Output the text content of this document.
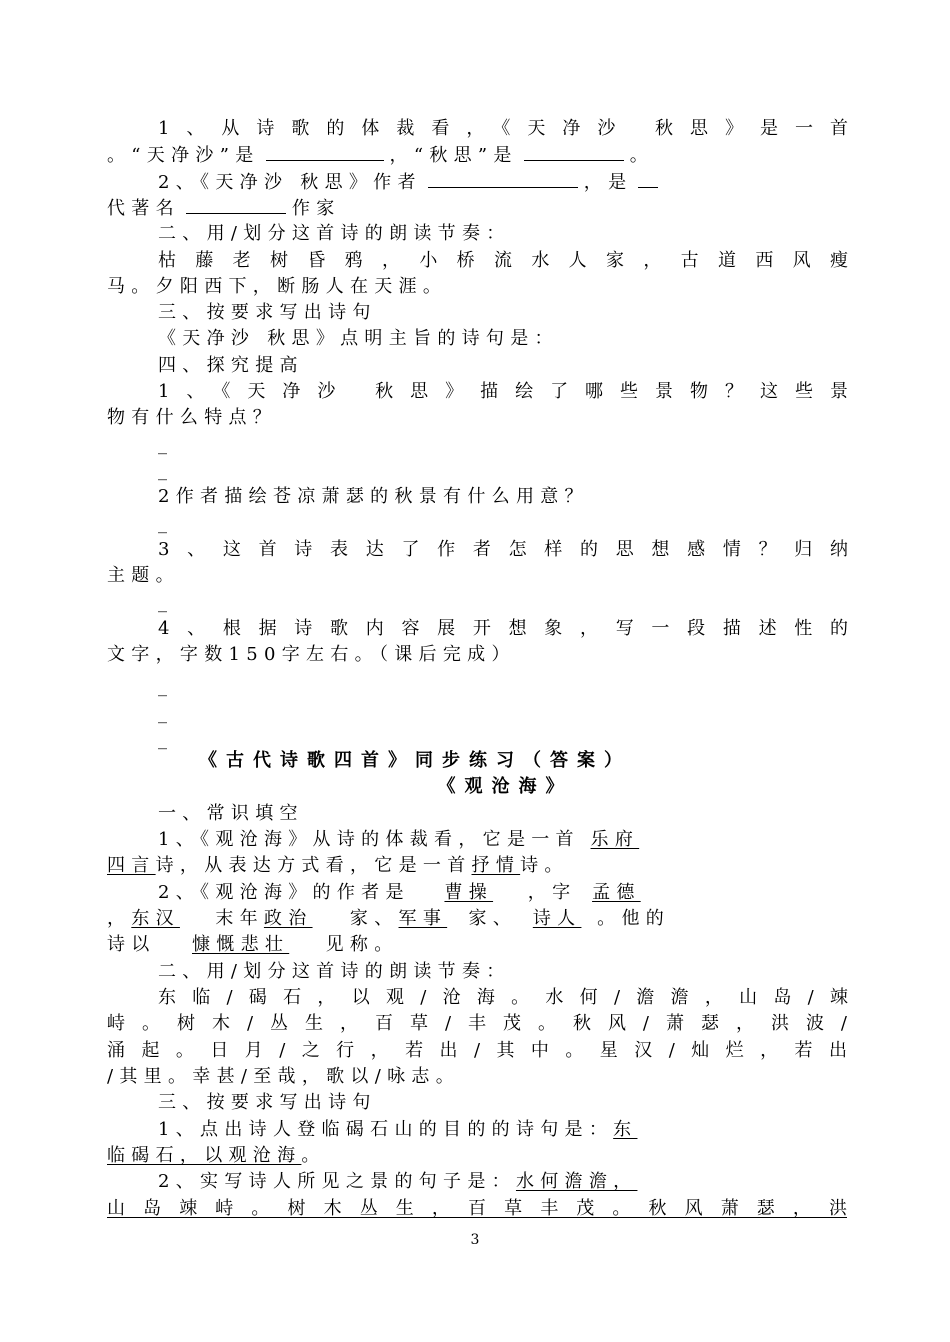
1、从诗歌的体裁看，《天净沙 秋思》是一首
。“天净沙”是	，“秋思”是	。
2、《天净沙 秋思》作者	，是
代著名	作家
二、用/划分这首诗的朗读节奏：
枯藤老树昏鸦，小桥流水人家，古道西风瘦
马。夕阳西下，断肠人在天涯。
三、按要求写出诗句
《天净沙 秋思》点明主旨的诗句是：
四、探究提高
1、《天净沙 秋思》描绘了哪些景物？这些景
物有什么特点？
_
_
2作者描绘苍凉萧瑟的秋景有什么用意？
_
3、这首诗表达了作者怎样的思想感情？归纳
主题。
_
4、根据诗歌内容展开想象，写一段描述性的
文字，字数150字左右。（课后完成）
_
_
_
《古代诗歌四首》同步练习（答案）
《观沧海》
一、常识填空
1、《观沧海》从诗的体裁看，它是一首 乐府
四言诗，从表达方式看，它是一首抒情诗。
2、《观沧海》的作者是 曹操 ，字 孟德
，东汉 末年政治 家、军事 家、 诗人 。他的
诗以 慷慨悲壮 见称。
二、用/划分这首诗的朗读节奏：
东临/碣石，以观/沧海。水何/澹澹，山岛/竦
峙。树木/丛生，百草/丰茂。秋风/萧瑟，洪波/
涌起。日月/之行，若出/其中。星汉/灿烂，若出
/其里。幸甚/至哉，歌以/咏志。
三、按要求写出诗句
1、点出诗人登临碣石山的目的的诗句是：东
临碣石，以观沧海。
2、实写诗人所见之景的句子是：水何澹澹，
山岛竦峙。树木丛生，百草丰茂。秋风萧瑟，洪
3
